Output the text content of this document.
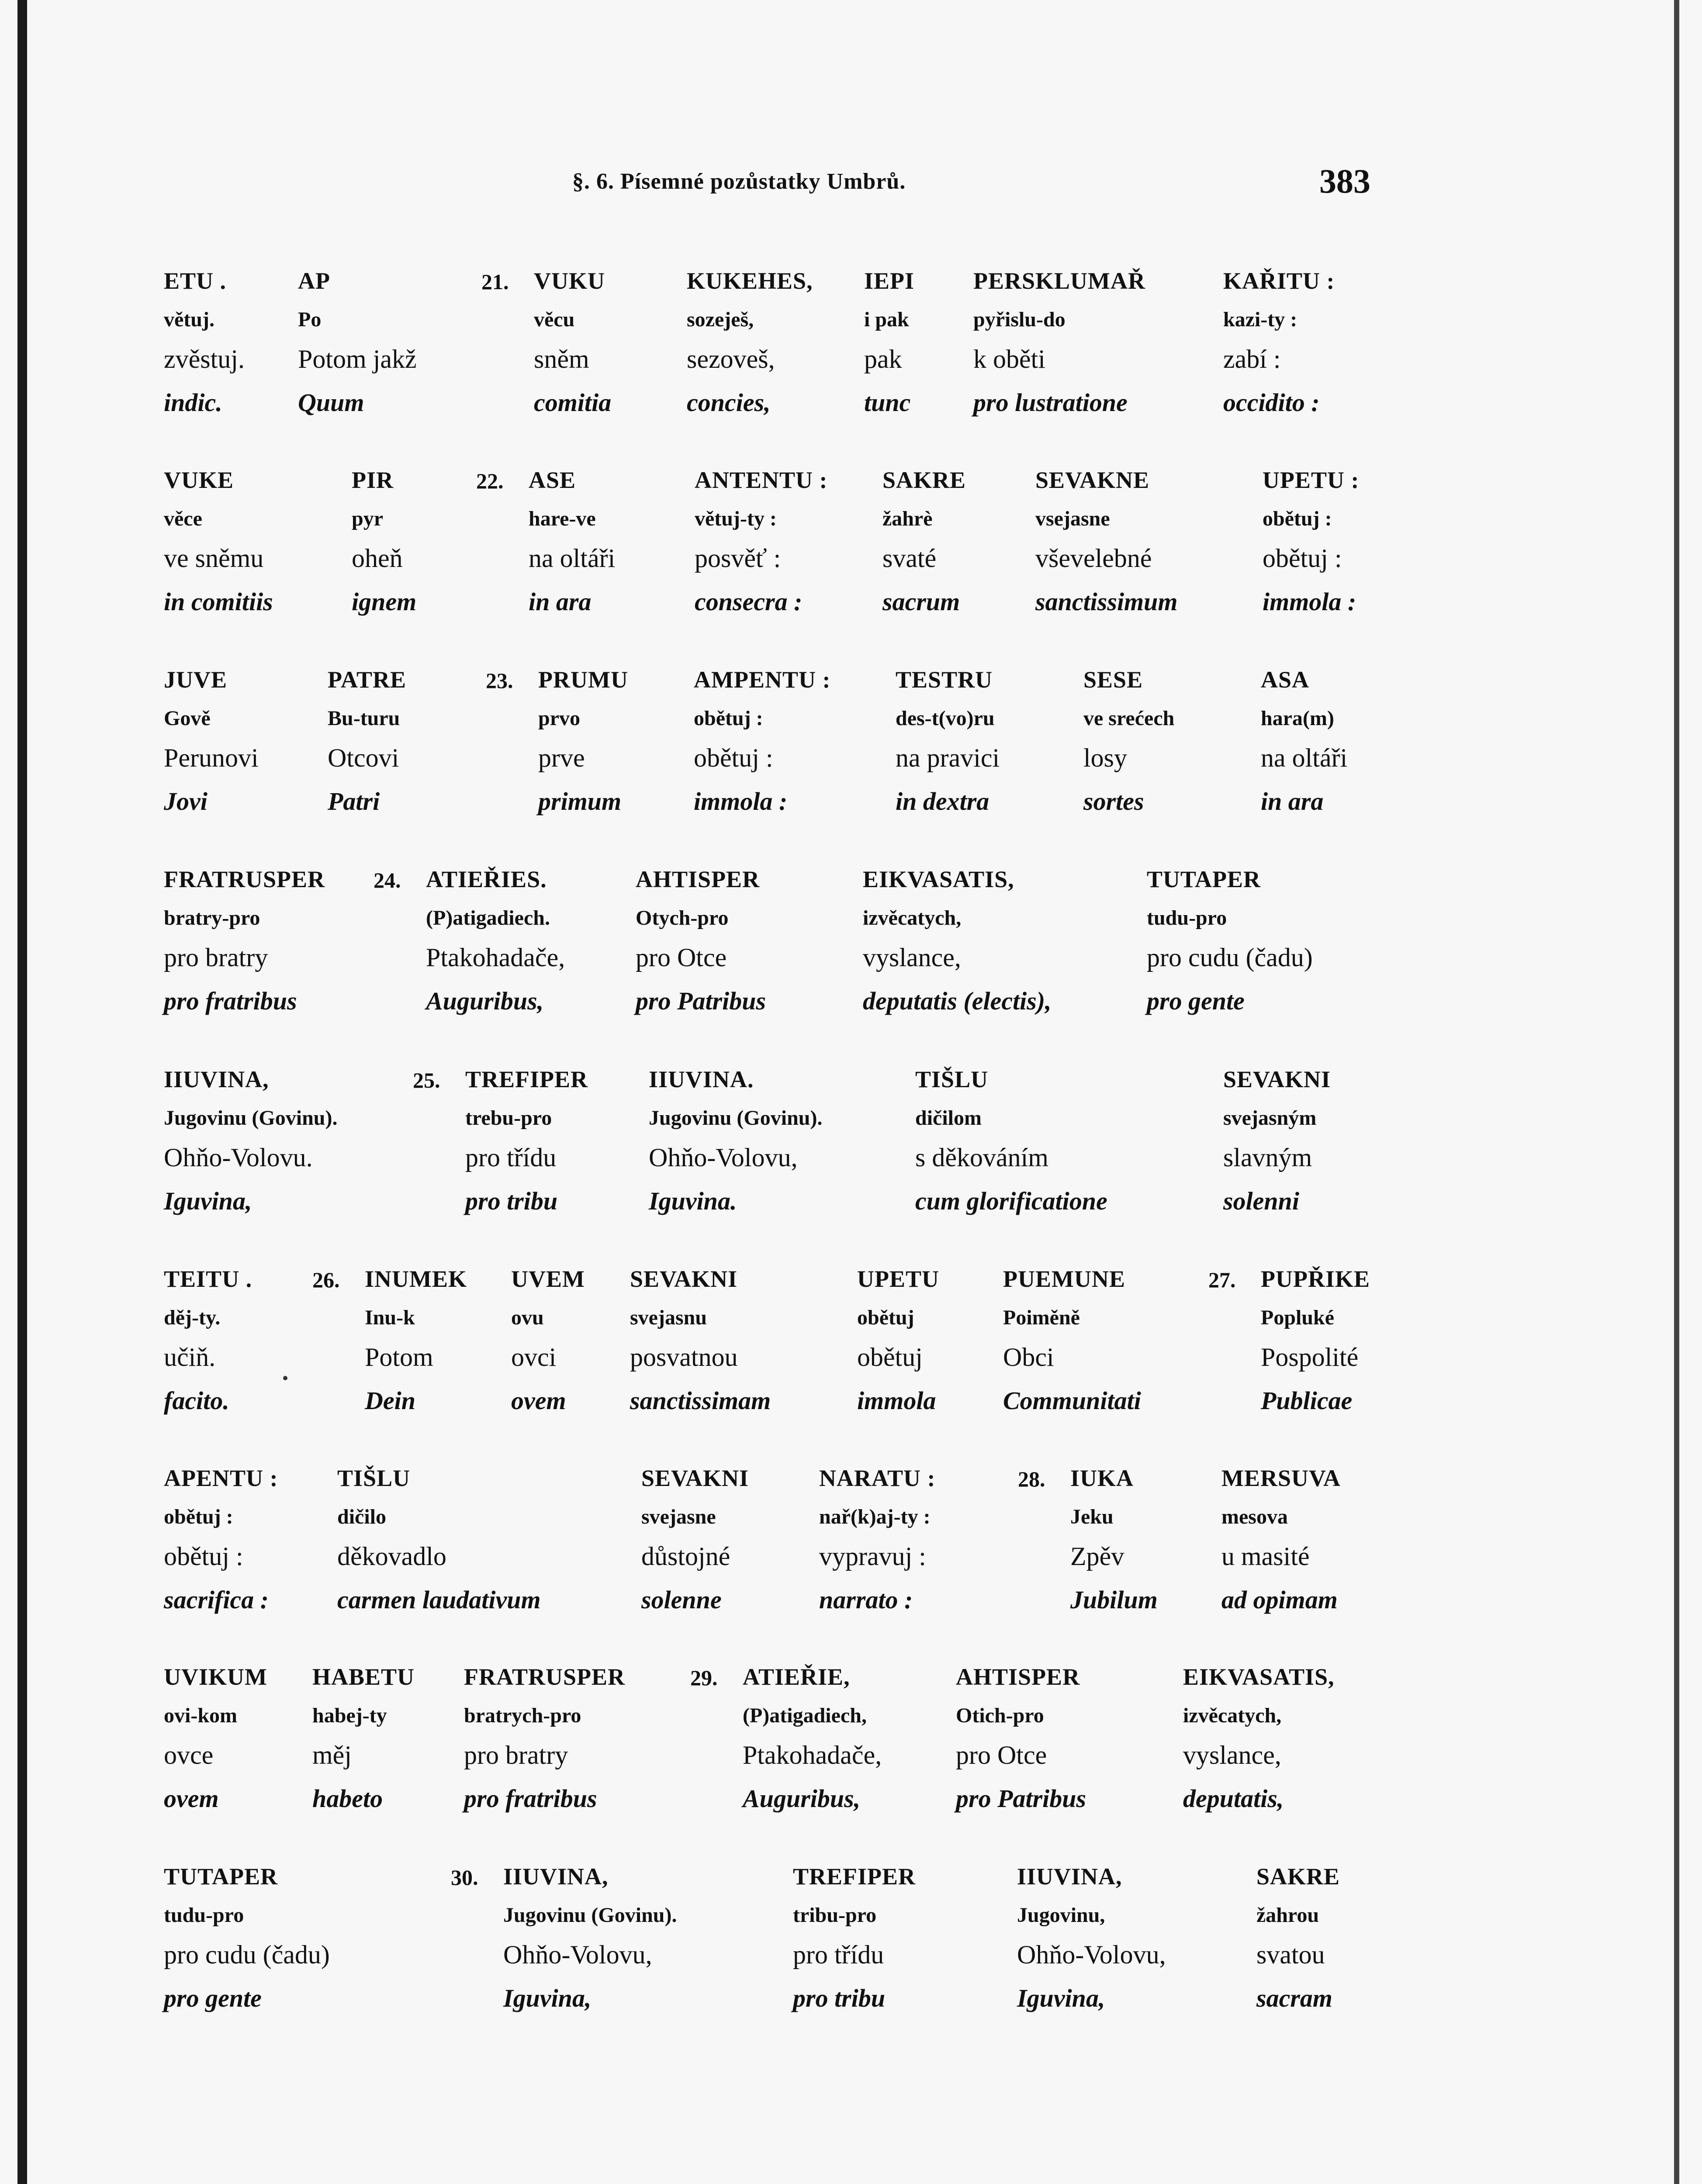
§. 6. Písemné pozůstatky Umbrů.	383
ETU .
větuj.
zvěstuj.
indic.
AP
Po
Potom jakž
Quum
21. VUKU
věcu
sněm
comitia
KUKEHES,
sozeješ,
sezoveš,
concies,
IEPI
i pak
pak
tunc
PERSKLUMAŘ
pyřislu-do
k oběti
pro lustratione
KAŘITU :
kazi-ty :
zabí :
occidito :
VUKE
věce
ve sněmu
in comitiis
PIR
pyr
oheň
ignem
22. ASE
hare-ve
na oltáři
in ara
ANTENTU :
větuj-ty :
posvěť :
consecra :
SAKRE
žahrè
svaté
sacrum
SEVAKNE
vsejasne
vševelebné
sanctissimum
UPETU :
obětuj :
obětuj :
immola :
JUVE
Gově
Perunovi
Jovi
PATRE
Bu-turu
Otcovi
Patri
23. PRUMU
prvo
prve
primum
AMPENTU :
obětuj :
obětuj :
immola :
TESTRU
des-t(vo)ru
na pravici
in dextra
SESE
ve srećech
losy
sortes
ASA
hara(m)
na oltáři
in ara
FRATRUSPER
bratry-pro
pro bratry
pro fratribus
24. ATIEŘIES.
(P)atigadiech.
Ptakohadače,
Auguribus,
AHTISPER
Otych-pro
pro Otce
pro Patribus
EIKVASATIS,
izvěcatych,
vyslance,
deputatis (electis),
TUTAPER
tudu-pro
pro cudu (čadu)
pro gente
IIUVINA,
Jugovinu (Govinu).
Ohňo-Volovu.
Iguvina,
25. TREFIPER
trebu-pro
pro třídu
pro tribu
IIUVINA.
Jugovinu (Govinu).
Ohňo-Volovu,
Iguvina.
TIŠLU
dičilom
s děkováním
cum glorificatione
SEVAKNI
svejasným
slavným
solenni
TEITU .
děj-ty.
učiň.
facito.
26. INUMEK
Inu-k
Potom
Dein
UVEM
ovu
ovci
ovem
SEVAKNI
svejasnu
posvatnou
sanctissimam
UPETU
obětuj
obětuj
immola
PUEMUNE
Poiměně
Obci
Communitati
27. PUPŘIKE
Popluké
Pospolité
Publicae
APENTU :
obětuj :
obětuj :
sacrifica :
TIŠLU
dičilo
děkovadlo
carmen laudativum
SEVAKNI
svejasne
důstojné
solenne
NARATU :
nař(k)aj-ty :
vypravuj :
narrato :
28. IUKA
Jeku
Zpěv
Jubilum
MERSUVA
mesova
u masité
ad opimam
UVIKUM
ovi-kom
ovce
ovem
HABETU
habej-ty
měj
habeto
FRATRUSPER
bratrych-pro
pro bratry
pro fratribus
29. ATIEŘIE,
(P)atigadiech,
Ptakohadače,
Auguribus,
AHTISPER
Otich-pro
pro Otce
pro Patribus
EIKVASATIS,
izvěcatych,
vyslance,
deputatis,
TUTAPER
tudu-pro
pro cudu (čadu)
pro gente
30. IIUVINA,
Jugovinu (Govinu).
Ohňo-Volovu,
Iguvina,
TREFIPER
tribu-pro
pro třídu
pro tribu
IIUVINA,
Jugovinu,
Ohňo-Volovu,
Iguvina,
SAKRE
žahrou
svatou
sacram
